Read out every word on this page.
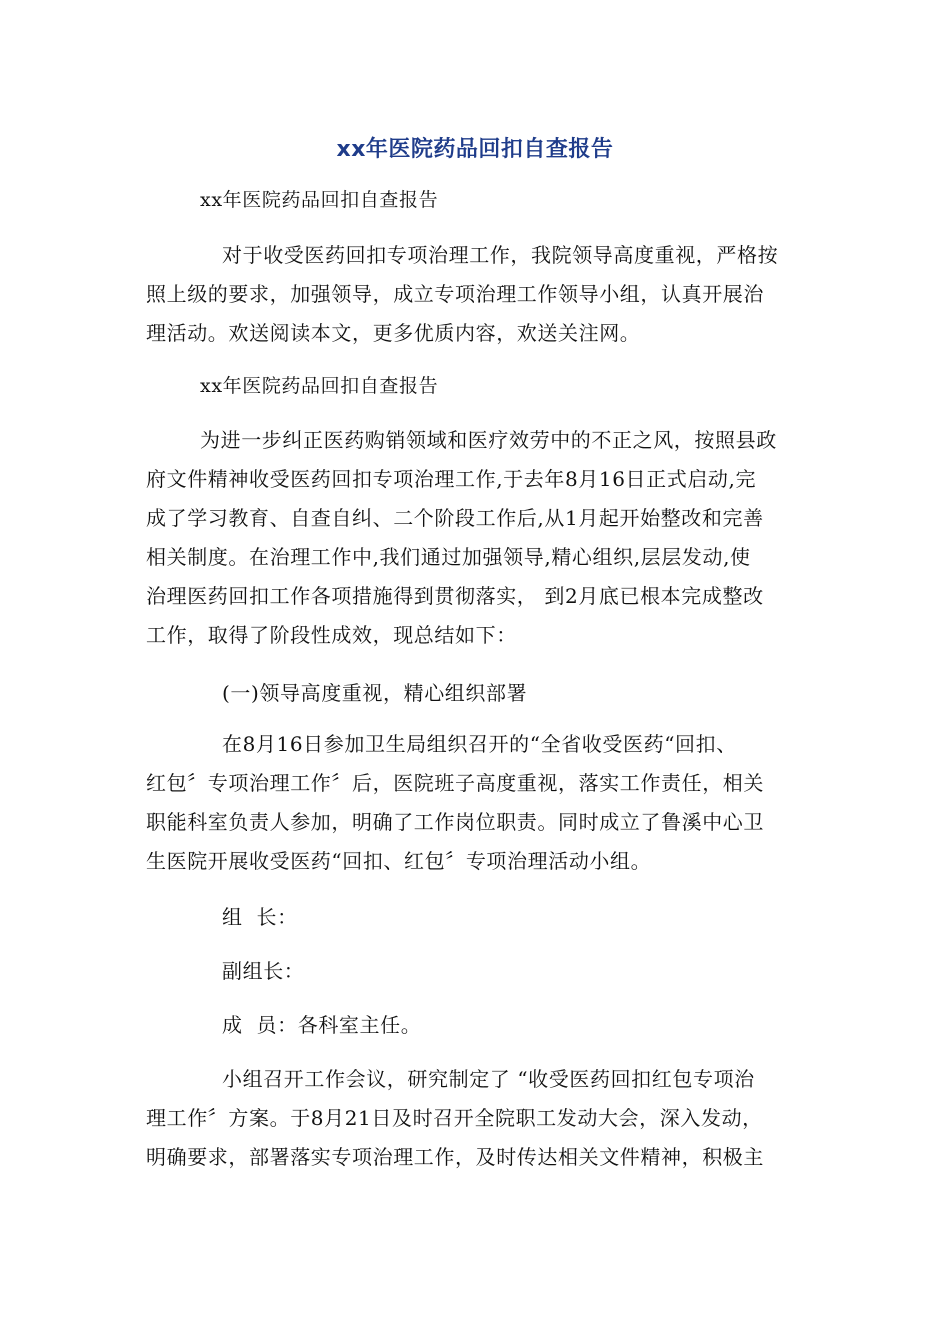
xx年医院药品回扣自查报告
xx年医院药品回扣自查报告
对于收受医药回扣专项治理工作，我院领导高度重视，严格按
照上级的要求，加强领导，成立专项治理工作领导小组，认真开展治
理活动。欢送阅读本文，更多优质内容，欢送关注网。
xx年医院药品回扣自查报告
为进一步纠正医药购销领域和医疗效劳中的不正之风，按照县政
府文件精神收受医药回扣专项治理工作,于去年8月16日正式启动,完
成了学习教育、自查自纠、二个阶段工作后,从1月起开始整改和完善
相关制度。在治理工作中,我们通过加强领导,精心组织,层层发动,使
治理医药回扣工作各项措施得到贯彻落实， 到2月底已根本完成整改
工作，取得了阶段性成效，现总结如下：
(一)领导高度重视，精心组织部署
在8月16日参加卫生局组织召开的“全省收受医药“回扣、
红包〞专项治理工作〞后，医院班子高度重视，落实工作责任，相关
职能科室负责人参加，明确了工作岗位职责。同时成立了鲁溪中心卫
生医院开展收受医药“回扣、红包〞专项治理活动小组。
组  长：
副组长：
成  员：各科室主任。
小组召开工作会议，研究制定了 “收受医药回扣红包专项治
理工作〞方案。于8月21日及时召开全院职工发动大会，深入发动，
明确要求，部署落实专项治理工作，及时传达相关文件精神，积极主
